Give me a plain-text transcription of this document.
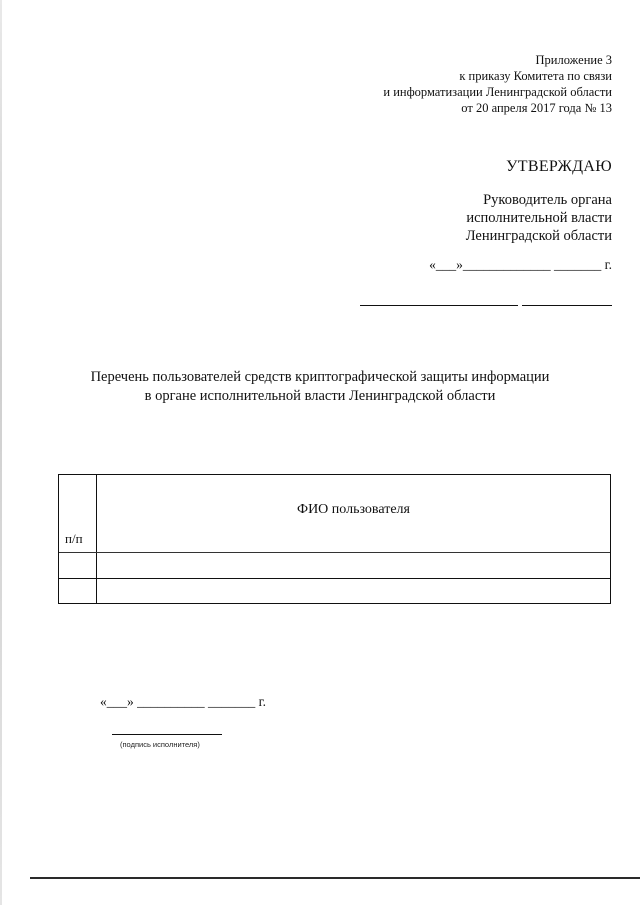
Приложение 3
к приказу Комитета по связи
и информатизации Ленинградской области
от 20 апреля 2017 года № 13
УТВЕРЖДАЮ
Руководитель органа
исполнительной власти
Ленинградской области
«___»_____________ _______ г.
Перечень пользователей средств криптографической защиты информации
в органе исполнительной власти Ленинградской области
п/п
ФИО пользователя
«___» __________ _______ г.
(подпись исполнителя)
